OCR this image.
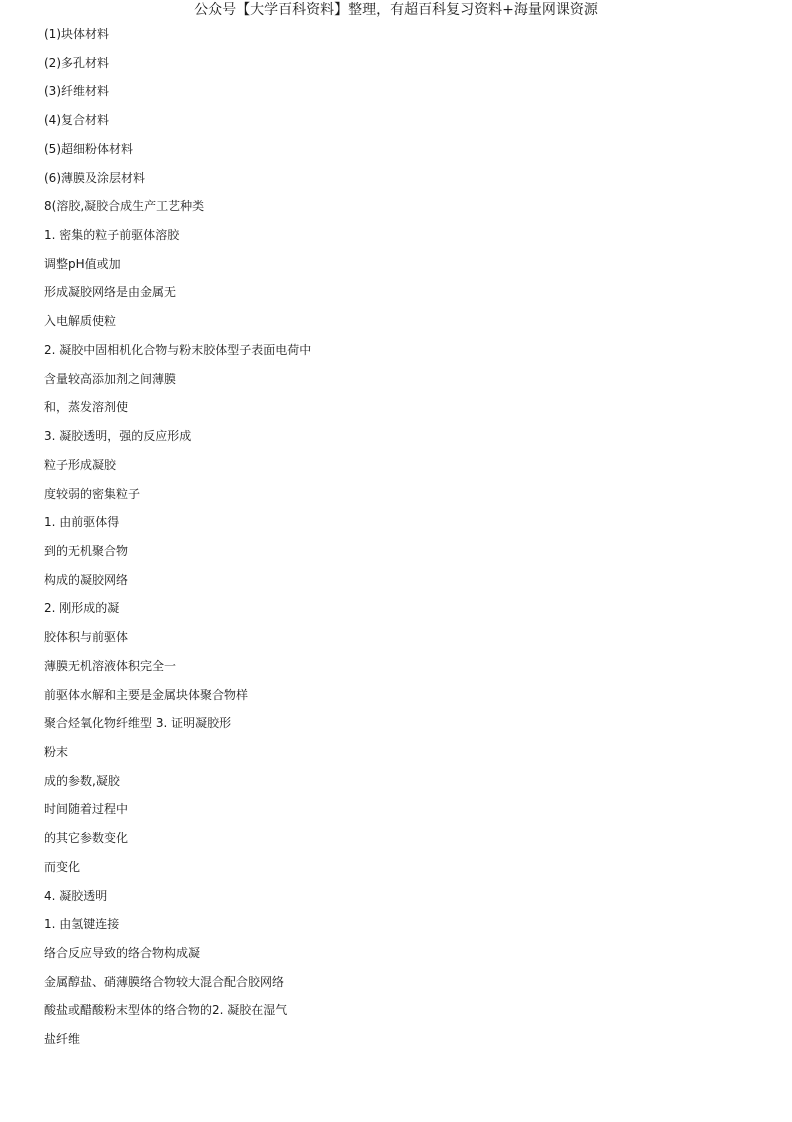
公众号【大学百科资料】整理，有超百科复习资料+海量网课资源
(1)块体材料
(2)多孔材料
(3)纤维材料
(4)复合材料
(5)超细粉体材料
(6)薄膜及涂层材料
8(溶胶,凝胶合成生产工艺种类
1. 密集的粒子前驱体溶胶
调整pH值或加
形成凝胶网络是由金属无
入电解质使粒
2. 凝胶中固相机化合物与粉末胶体型子表面电荷中
含量较高添加剂之间薄膜
和，蒸发溶剂使
3. 凝胶透明，强的反应形成
粒子形成凝胶
度较弱的密集粒子
1. 由前驱体得
到的无机聚合物
构成的凝胶网络
2. 刚形成的凝
胶体积与前驱体
薄膜无机溶液体积完全一
前驱体水解和主要是金属块体聚合物样
聚合烃氧化物纤维型 3. 证明凝胶形
粉末
成的参数,凝胶
时间随着过程中
的其它参数变化
而变化
4. 凝胶透明
1. 由氢键连接
络合反应导致的络合物构成凝
金属醇盐、硝薄膜络合物较大混合配合胶网络
酸盐或醋酸粉末型体的络合物的2. 凝胶在湿气
盐纤维
